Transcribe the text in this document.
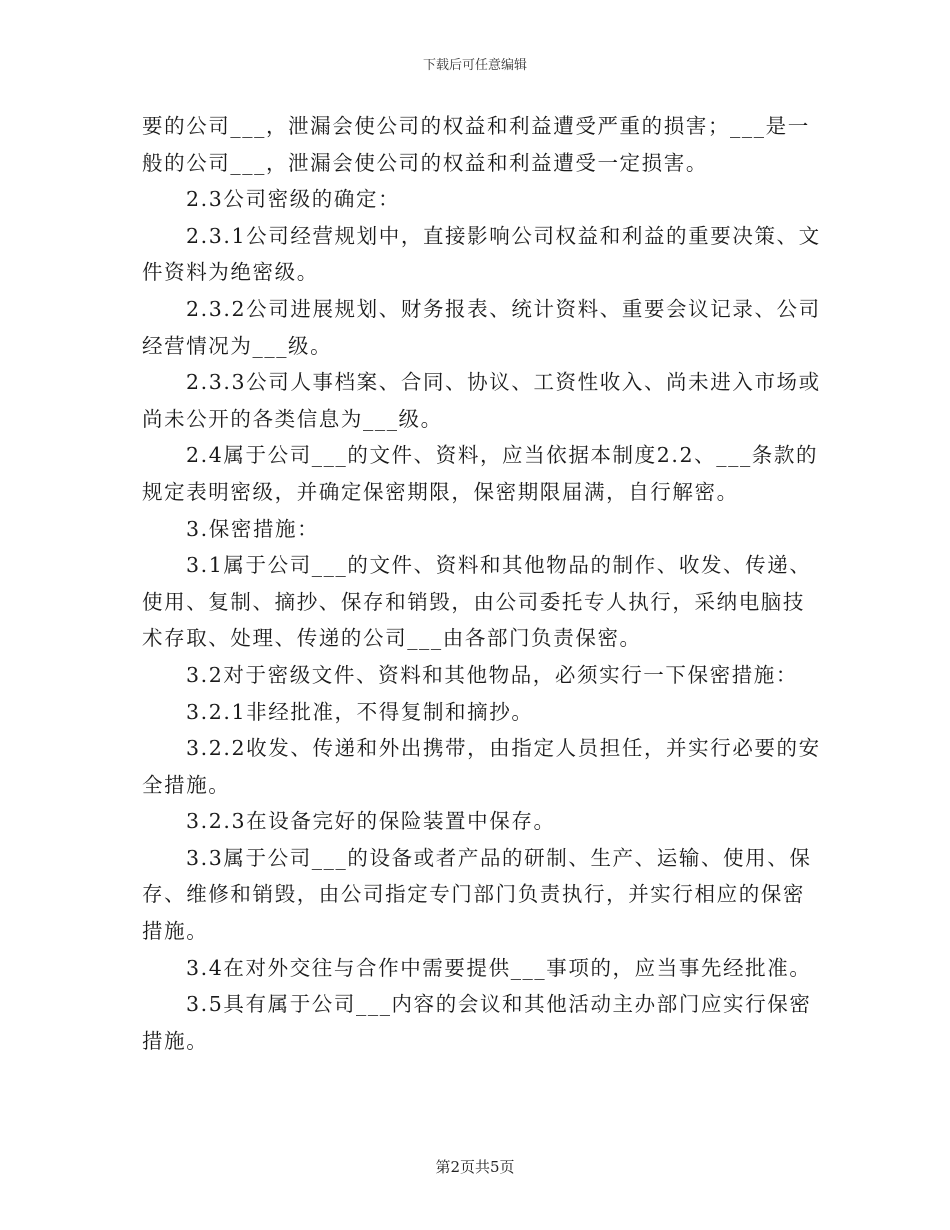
下载后可任意编辑
要的公司___，泄漏会使公司的权益和利益遭受严重的损害；___是一
般的公司___，泄漏会使公司的权益和利益遭受一定损害。
2.3公司密级的确定：
2.3.1公司经营规划中，直接影响公司权益和利益的重要决策、文
件资料为绝密级。
2.3.2公司进展规划、财务报表、统计资料、重要会议记录、公司
经营情况为___级。
2.3.3公司人事档案、合同、协议、工资性收入、尚未进入市场或
尚未公开的各类信息为___级。
2.4属于公司___的文件、资料，应当依据本制度2.2、___条款的
规定表明密级，并确定保密期限，保密期限届满，自行解密。
3.保密措施：
3.1属于公司___的文件、资料和其他物品的制作、收发、传递、
使用、复制、摘抄、保存和销毁，由公司委托专人执行，采纳电脑技
术存取、处理、传递的公司___由各部门负责保密。
3.2对于密级文件、资料和其他物品，必须实行一下保密措施：
3.2.1非经批准，不得复制和摘抄。
3.2.2收发、传递和外出携带，由指定人员担任，并实行必要的安
全措施。
3.2.3在设备完好的保险装置中保存。
3.3属于公司___的设备或者产品的研制、生产、运输、使用、保
存、维修和销毁，由公司指定专门部门负责执行，并实行相应的保密
措施。
3.4在对外交往与合作中需要提供___事项的，应当事先经批准。
3.5具有属于公司___内容的会议和其他活动主办部门应实行保密
措施。
第2页共5页
